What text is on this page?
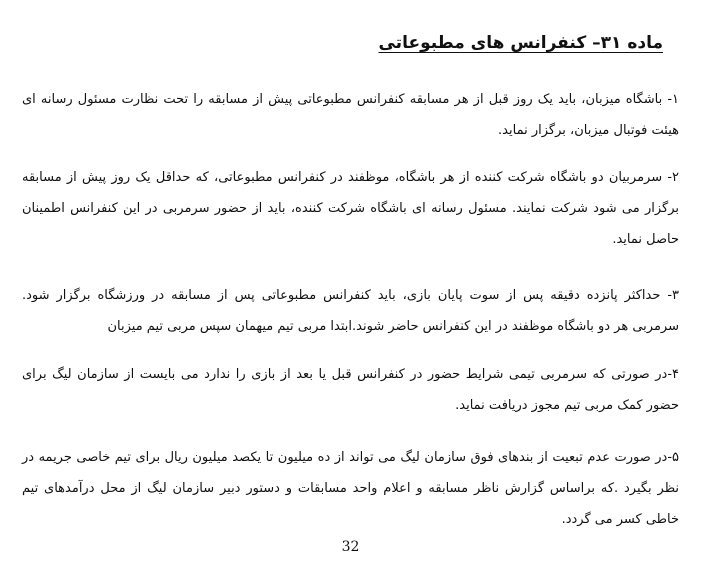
ماده ۳۱– کنفرانس های مطبوعاتی

۱- باشگاه میزبان، باید یک روز قبل از هر مسابقه کنفرانس مطبوعاتی پیش از مسابقه را تحت نظارت مسئول رسانه ای هیئت فوتبال میزبان، برگزار نماید.

۲- سرمربیان دو باشگاه شرکت کننده از هر باشگاه، موظفند در کنفرانس مطبوعاتی، که حداقل یک روز پیش از مسابقه برگزار می شود شرکت نمایند. مسئول رسانه ای باشگاه شرکت کننده، باید از حضور سرمربی در این کنفرانس اطمینان حاصل نماید.

۳- حداکثر پانزده دقیقه پس از سوت پایان بازی، باید کنفرانس مطبوعاتی پس از مسابقه در ورزشگاه برگزار شود. سرمربی هر دو باشگاه موظفند در این کنفرانس حاضر شوند.ابتدا مربی تیم میهمان سپس مربی تیم میزبان

۴-در صورتی که سرمربی تیمی شرایط حضور در کنفرانس قبل یا بعد از بازی را ندارد می بایست از سازمان لیگ برای حضور کمک مربی تیم مجوز دریافت نماید.

۵-در صورت عدم تبعیت از بندهای فوق سازمان لیگ می تواند از ده میلیون تا یکصد میلیون ریال برای تیم خاصی جریمه در نظر بگیرد .که براساس گزارش ناظر مسابقه و اعلام واحد مسابقات و دستور دبیر سازمان لیگ از محل درآمدهای تیم خاطی کسر می گردد.

32
